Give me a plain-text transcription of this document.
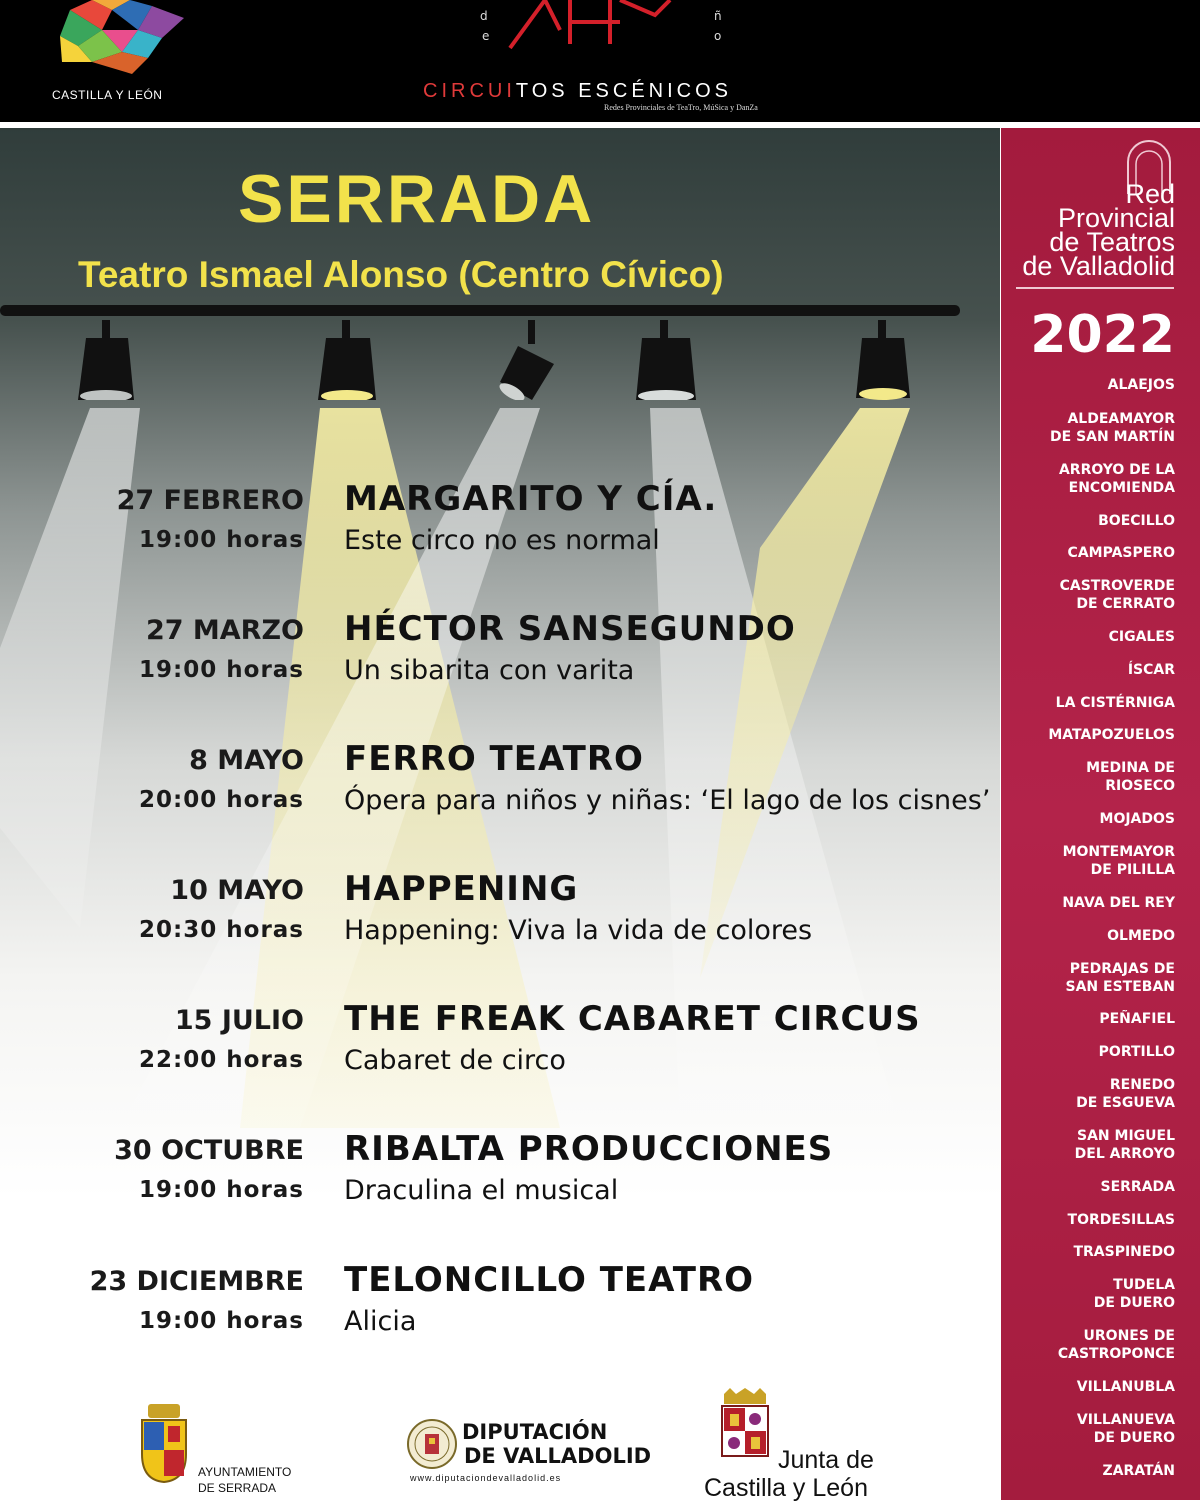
CASTILLA Y LEÓN
d
e
ñ
o
CIRCUITOS ESCÉNICOS
Redes Provinciales de TeaTro, MúSica y DanZa
SERRADA
Teatro Ismael Alonso (Centro Cívico)
27 FEBRERO
19:00 horas
MARGARITO Y CÍA.
Este circo no es normal
27 MARZO
19:00 horas
HÉCTOR SANSEGUNDO
Un sibarita con varita
8 MAYO
20:00 horas
FERRO TEATRO
Ópera para niños y niñas: ‘El lago de los cisnes’
10 MAYO
20:30 horas
HAPPENING
Happening: Viva la vida de colores
15 JULIO
22:00 horas
THE FREAK CABARET CIRCUS
Cabaret de circo
30 OCTUBRE
19:00 horas
RIBALTA PRODUCCIONES
Draculina el musical
23 DICIEMBRE
19:00 horas
TELONCILLO TEATRO
Alicia
Red
Provincial
de Teatros
de Valladolid
2022
ALAEJOS
ALDEAMAYOR
DE SAN MARTÍN
ARROYO DE LA
ENCOMIENDA
BOECILLO
CAMPASPERO
CASTROVERDE
DE CERRATO
CIGALES
ÍSCAR
LA CISTÉRNIGA
MATAPOZUELOS
MEDINA DE
RIOSECO
MOJADOS
MONTEMAYOR
DE PILILLA
NAVA DEL REY
OLMEDO
PEDRAJAS DE
SAN ESTEBAN
PEÑAFIEL
PORTILLO
RENEDO
DE ESGUEVA
SAN MIGUEL
DEL ARROYO
SERRADA
TORDESILLAS
TRASPINEDO
TUDELA
DE DUERO
URONES DE
CASTROPONCE
VILLANUBLA
VILLANUEVA
DE DUERO
ZARATÁN
AYUNTAMIENTO
DE SERRADA
DIPUTACIÓN
DE VALLADOLID
www.diputaciondevalladolid.es
Junta de
Castilla y León
